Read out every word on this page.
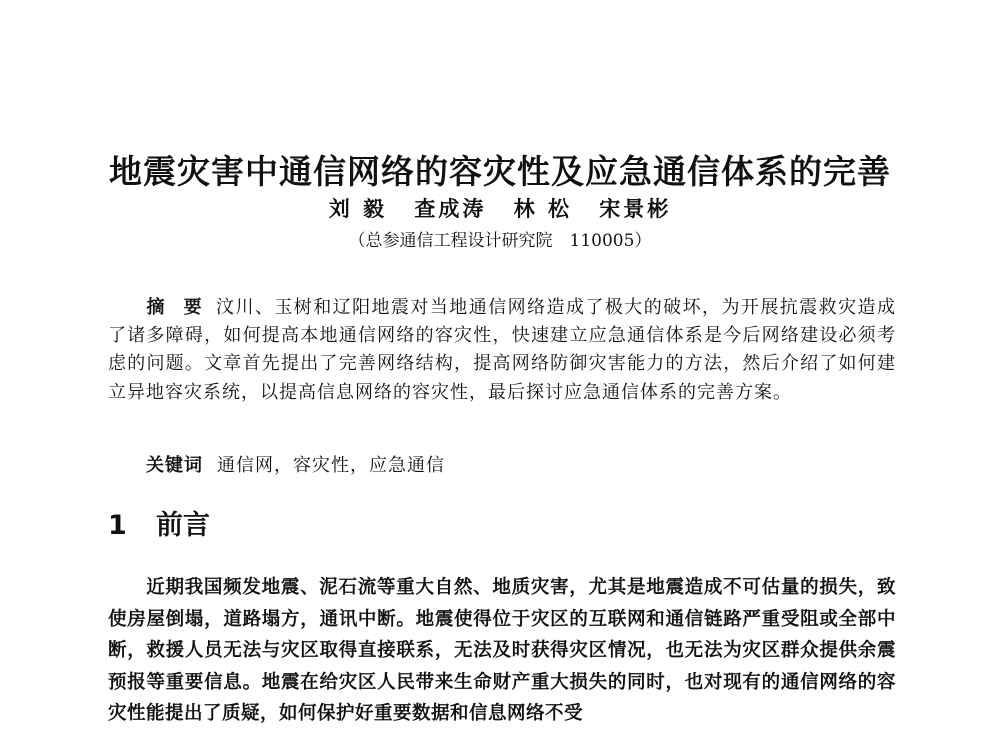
地震灾害中通信网络的容灾性及应急通信体系的完善
刘 毅 查成涛 林 松 宋景彬
（总参通信工程设计研究院　110005）
摘 要 汶川、玉树和辽阳地震对当地通信网络造成了极大的破坏，为开展抗震救灾造成了诸多障碍，如何提高本地通信网络的容灾性，快速建立应急通信体系是今后网络建设必须考虑的问题。文章首先提出了完善网络结构，提高网络防御灾害能力的方法，然后介绍了如何建立异地容灾系统，以提高信息网络的容灾性，最后探讨应急通信体系的完善方案。
关键词 通信网，容灾性，应急通信
1 前言
近期我国频发地震、泥石流等重大自然、地质灾害，尤其是地震造成不可估量的损失，致使房屋倒塌，道路塌方，通讯中断。地震使得位于灾区的互联网和通信链路严重受阻或全部中断，救援人员无法与灾区取得直接联系，无法及时获得灾区情况，也无法为灾区群众提供余震预报等重要信息。地震在给灾区人民带来生命财产重大损失的同时，也对现有的通信网络的容灾性能提出了质疑，如何保护好重要数据和信息网络不受
